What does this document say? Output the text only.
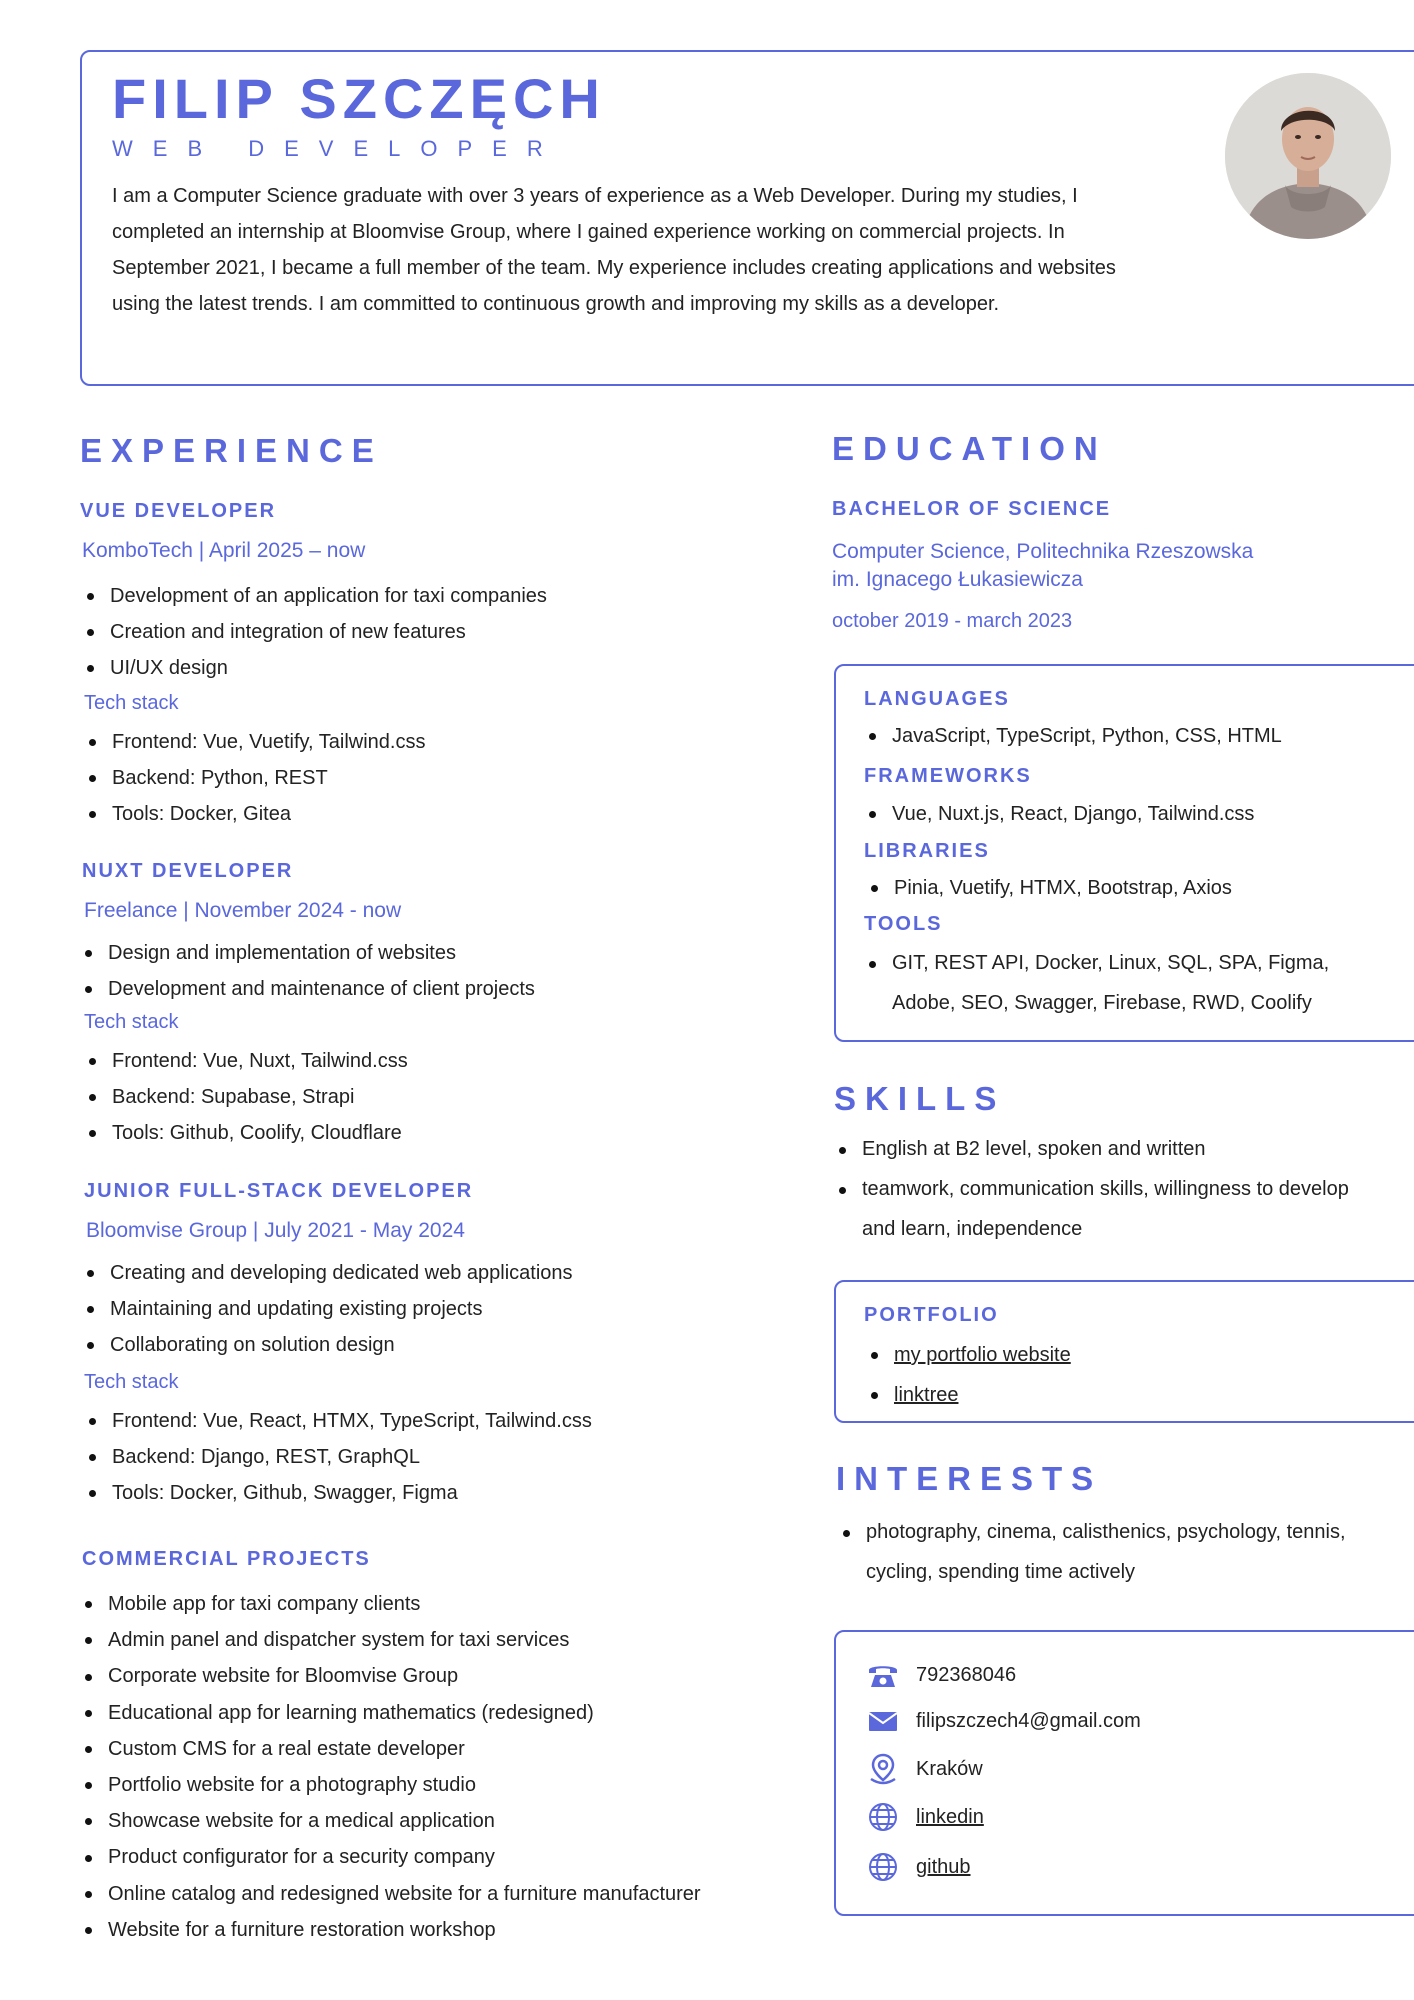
FILIP SZCZĘCH
WEB DEVELOPER

I am a Computer Science graduate with over 3 years of experience as a Web Developer. During my studies, I completed an internship at Bloomvise Group, where I gained experience working on commercial projects. In September 2021, I became a full member of the team. My experience includes creating applications and websites using the latest trends. I am committed to continuous growth and improving my skills as a developer.

EXPERIENCE
VUE DEVELOPER
KomboTech | April 2025 – now
Development of an application for taxi companies
Creation and integration of new features
UI/UX design
Tech stack
Frontend: Vue, Vuetify, Tailwind.css
Backend: Python, REST
Tools: Docker, Gitea
NUXT DEVELOPER
Freelance | November 2024 - now
Design and implementation of websites
Development and maintenance of client projects
Tech stack
Frontend: Vue, Nuxt, Tailwind.css
Backend: Supabase, Strapi
Tools: Github, Coolify, Cloudflare
JUNIOR FULL-STACK DEVELOPER
Bloomvise Group | July 2021 - May 2024
Creating and developing dedicated web applications
Maintaining and updating existing projects
Collaborating on solution design
Tech stack
Frontend: Vue, React, HTMX, TypeScript, Tailwind.css
Backend: Django, REST, GraphQL
Tools: Docker, Github, Swagger, Figma
COMMERCIAL PROJECTS
Mobile app for taxi company clients
Admin panel and dispatcher system for taxi services
Corporate website for Bloomvise Group
Educational app for learning mathematics (redesigned)
Custom CMS for a real estate developer
Portfolio website for a photography studio
Showcase website for a medical application
Product configurator for a security company
Online catalog and redesigned website for a furniture manufacturer
Website for a furniture restoration workshop
EDUCATION
BACHELOR OF SCIENCE
Computer Science, Politechnika Rzeszowska
im. Ignacego Łukasiewicza
october 2019 - march 2023
LANGUAGES
JavaScript, TypeScript, Python, CSS, HTML
FRAMEWORKS
Vue, Nuxt.js, React, Django, Tailwind.css
LIBRARIES
Pinia, Vuetify, HTMX, Bootstrap, Axios
TOOLS
GIT, REST API, Docker, Linux, SQL, SPA, Figma, Adobe, SEO, Swagger, Firebase, RWD, Coolify
SKILLS
English at B2 level, spoken and written
teamwork, communication skills, willingness to develop and learn, independence
PORTFOLIO
my portfolio website
linktree
INTERESTS
photography, cinema, calisthenics, psychology, tennis, cycling, spending time actively
792368046
filipszczech4@gmail.com
Kraków
linkedin
github
